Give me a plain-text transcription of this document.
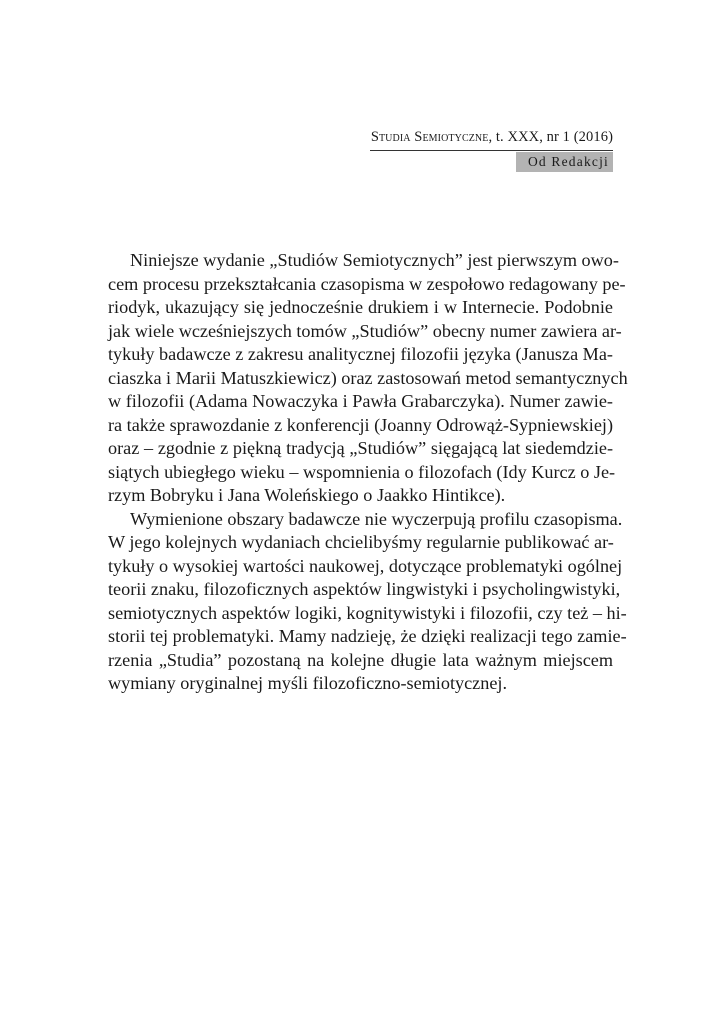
Studia Semiotyczne, t. XXX, nr 1 (2016)
Od Redakcji

Niniejsze wydanie „Studiów Semiotycznych” jest pierwszym owo-
cem procesu przekształcania czasopisma w zespołowo redagowany pe-
riodyk, ukazujący się jednocześnie drukiem i w Internecie. Podobnie
jak wiele wcześniejszych tomów „Studiów” obecny numer zawiera ar-
tykuły badawcze z zakresu analitycznej filozofii języka (Janusza Ma-
ciaszka i Marii Matuszkiewicz) oraz zastosowań metod semantycznych
w filozofii (Adama Nowaczyka i Pawła Grabarczyka). Numer zawie-
ra także sprawozdanie z konferencji (Joanny Odrowąż-Sypniewskiej)
oraz – zgodnie z piękną tradycją „Studiów” sięgającą lat siedemdzie-
siątych ubiegłego wieku – wspomnienia o filozofach (Idy Kurcz o Je-
rzym Bobryku i Jana Woleńskiego o Jaakko Hintikce).

Wymienione obszary badawcze nie wyczerpują profilu czasopisma.
W jego kolejnych wydaniach chcielibyśmy regularnie publikować ar-
tykuły o wysokiej wartości naukowej, dotyczące problematyki ogólnej
teorii znaku, filozoficznych aspektów lingwistyki i psycholingwistyki,
semiotycznych aspektów logiki, kognitywistyki i filozofii, czy też – hi-
storii tej problematyki. Mamy nadzieję, że dzięki realizacji tego zamie-
rzenia „Studia” pozostaną na kolejne długie lata ważnym miejscem
wymiany oryginalnej myśli filozoficzno-semiotycznej.
